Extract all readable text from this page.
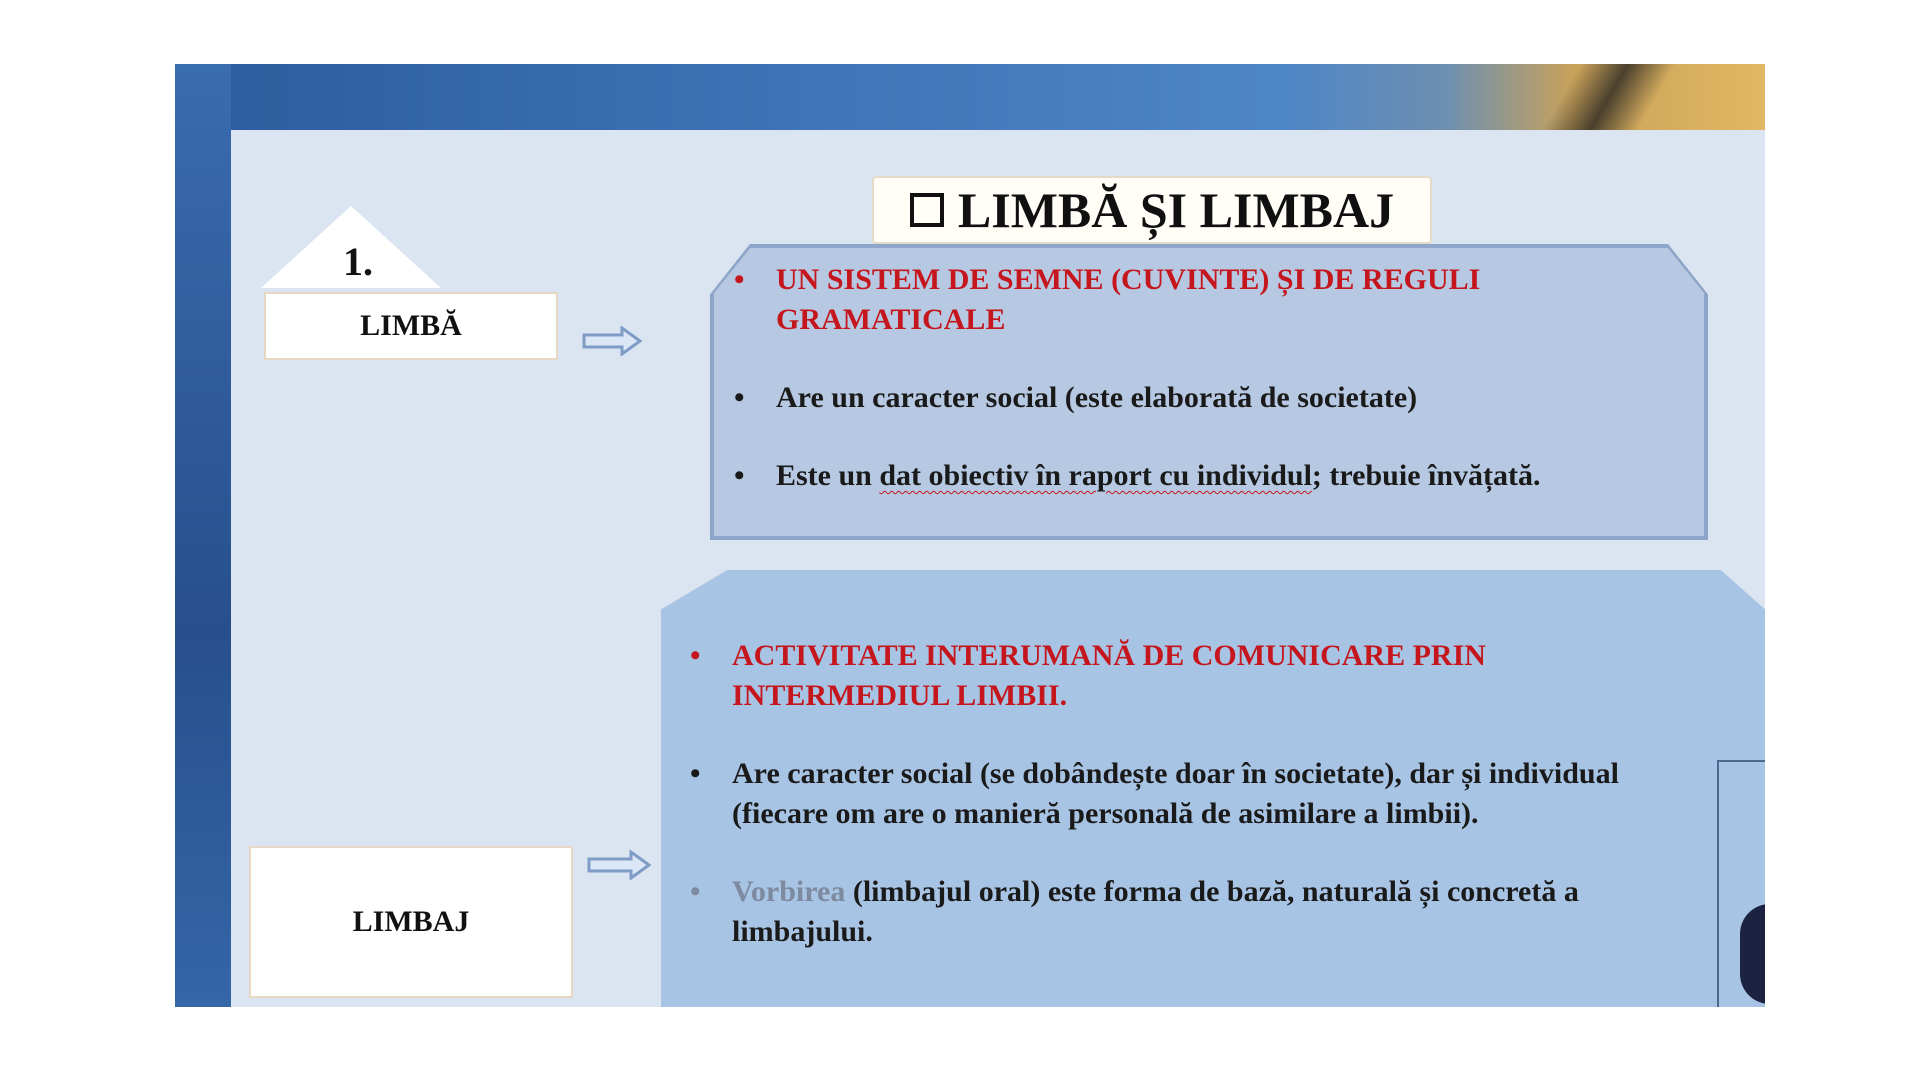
LIMBĂ ȘI LIMBAJ
1.
LIMBĂ
• UN SISTEM DE SEMNE (CUVINTE) ȘI DE REGULI GRAMATICALE
• Are un caracter social (este elaborată de societate)
• Este un dat obiectiv în raport cu individul; trebuie învățată.
LIMBAJ
• ACTIVITATE INTERUMANĂ DE COMUNICARE PRIN INTERMEDIUL LIMBII.
• Are caracter social (se dobândește doar în societate), dar și individual (fiecare om are o manieră personală de asimilare a limbii).
• Vorbirea (limbajul oral) este forma de bază, naturală și concretă a limbajului.
